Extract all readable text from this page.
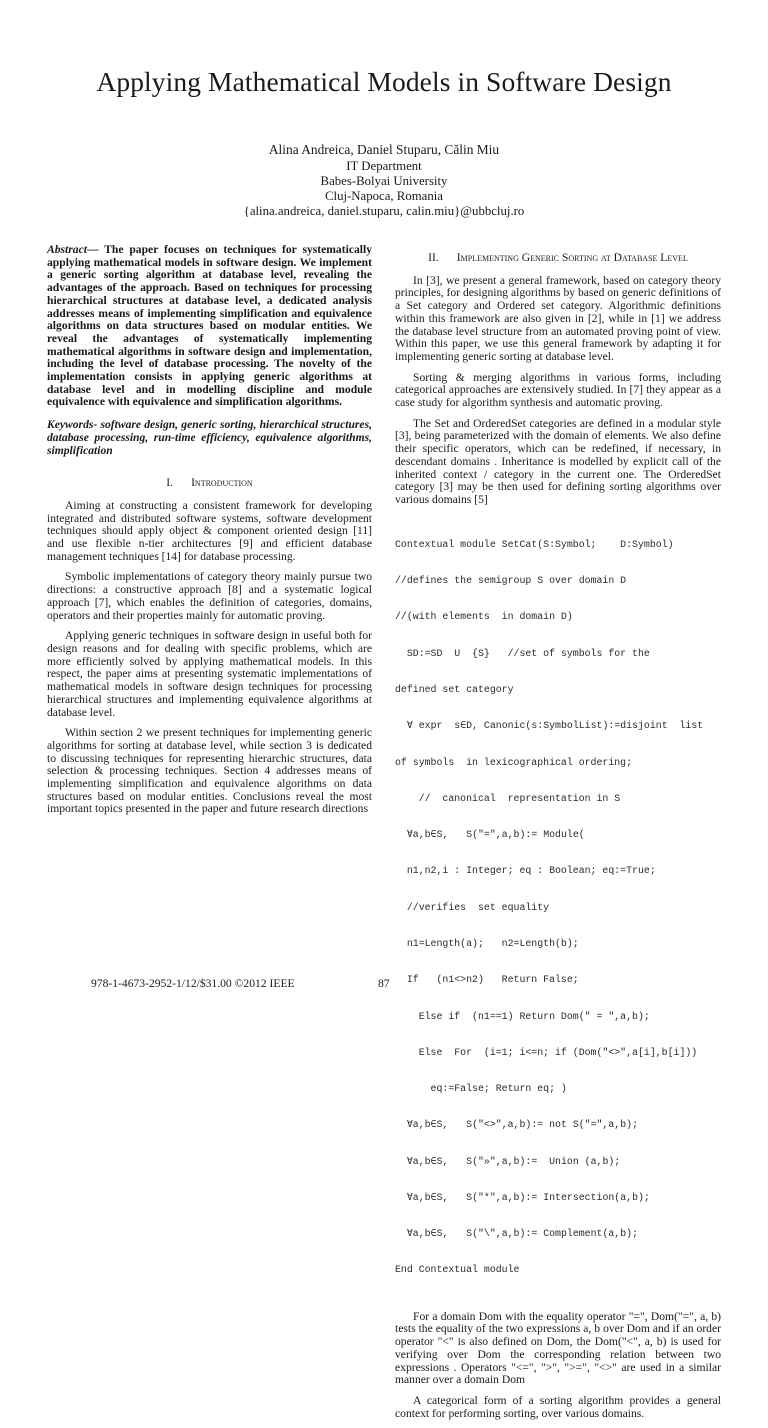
Applying Mathematical Models in Software Design
Alina Andreica, Daniel Stuparu, Călin Miu
IT Department
Babes-Bolyai University
Cluj-Napoca, Romania
{alina.andreica, daniel.stuparu, calin.miu}@ubbcluj.ro

Abstract— The paper focuses on techniques for systematically applying mathematical models in software design. We implement a generic sorting algorithm at database level, revealing the advantages of the approach. Based on techniques for processing hierarchical structures at database level, a dedicated analysis addresses means of implementing simplification and equivalence algorithms on data structures based on modular entities. We reveal the advantages of systematically implementing mathematical algorithms in software design and implementation, including the level of database processing. The novelty of the implementation consists in applying generic algorithms at database level and in modelling discipline and module equivalence with equivalence and simplification algorithms.

Keywords- software design, generic sorting, hierarchical structures, database processing, run-time efficiency, equivalence algorithms, simplification

I. Introduction

Aiming at constructing a consistent framework for developing integrated and distributed software systems, software development techniques should apply object & component oriented design [11] and use flexible n-tier architectures [9] and efficient database management techniques [14] for database processing.

Symbolic implementations of category theory mainly pursue two directions: a constructive approach [8] and a systematic logical approach [7], which enables the definition of categories, domains, operators and their properties mainly for automatic proving.

Applying generic techniques in software design in useful both for design reasons and for dealing with specific problems, which are more efficiently solved by applying mathematical models. In this respect, the paper aims at presenting systematic implementations of mathematical models in software design techniques for processing hierarchical structures and implementing equivalence algorithms at database level.

Within section 2 we present techniques for implementing generic algorithms for sorting at database level, while section 3 is dedicated to discussing techniques for representing hierarchic structures, data selection & processing techniques. Section 4 addresses means of implementing simplification and equivalence algorithms on data structures based on modular entities. Conclusions reveal the most important topics presented in the paper and future research directions

II. Implementing Generic Sorting at Database Level

In [3], we present a general framework, based on category theory principles, for designing algorithms by based on generic definitions of a Set category and Ordered set category. Algorithmic definitions within this framework are also given in [2], while in [1] we address the database level structure from an automated proving point of view. Within this paper, we use this general framework by adapting it for implementing generic sorting at database level.

Sorting & merging algorithms in various forms, including categorical approaches are extensively studied. In [7] they appear as a case study for algorithm synthesis and automatic proving.

The Set and OrderedSet categories are defined in a modular style [3], being parameterized with the domain of elements. We also define their specific operators, which can be redefined, if necessary, in descendant domains . Inheritance is modelled by explicit call of the inherited context / category in the current one. The OrderedSet category [3] may be then used for defining sorting algorithms over various domains [5]

Contextual module SetCat(S:Symbol;    D:Symbol)

//defines the semigroup S over domain D

//(with elements  in domain D)

SD:=SD  U  {S}   //set of symbols for the

defined set category

∀ expr  s∈D, Canonic(s:SymbolList):=disjoint  list

of symbols  in lexicographical ordering;

//  canonical  representation in S

∀a,b∈S,   S("=",a,b):= Module(

n1,n2,i : Integer; eq : Boolean; eq:=True;

//verifies  set equality

n1=Length(a);   n2=Length(b);

If   (n1<>n2)   Return False;

Else if  (n1==1) Return Dom(" = ",a,b);

Else  For  (i=1; i<=n; if (Dom("<>",a[i],b[i]))

eq:=False; Return eq; )

∀a,b∈S,   S("<>",a,b):= not S("=",a,b);

∀a,b∈S,   S("»",a,b):=  Union (a,b);

∀a,b∈S,   S("*",a,b):= Intersection(a,b);

∀a,b∈S,   S("\",a,b):= Complement(a,b);

End Contextual module

For a domain Dom with the equality operator "=", Dom("=", a, b) tests the equality of the two expressions a, b over Dom and if an order operator "<" is also defined on Dom, the Dom("<", a, b) is used for verifying over Dom the corresponding relation between two expressions . Operators "<=", ">", ">=", "<>" are used in a similar manner over a domain Dom

A categorical form of a sorting algorithm provides a general context for performing sorting, over various domains.

978-1-4673-2952-1/12/$31.00 ©2012 IEEE	87
